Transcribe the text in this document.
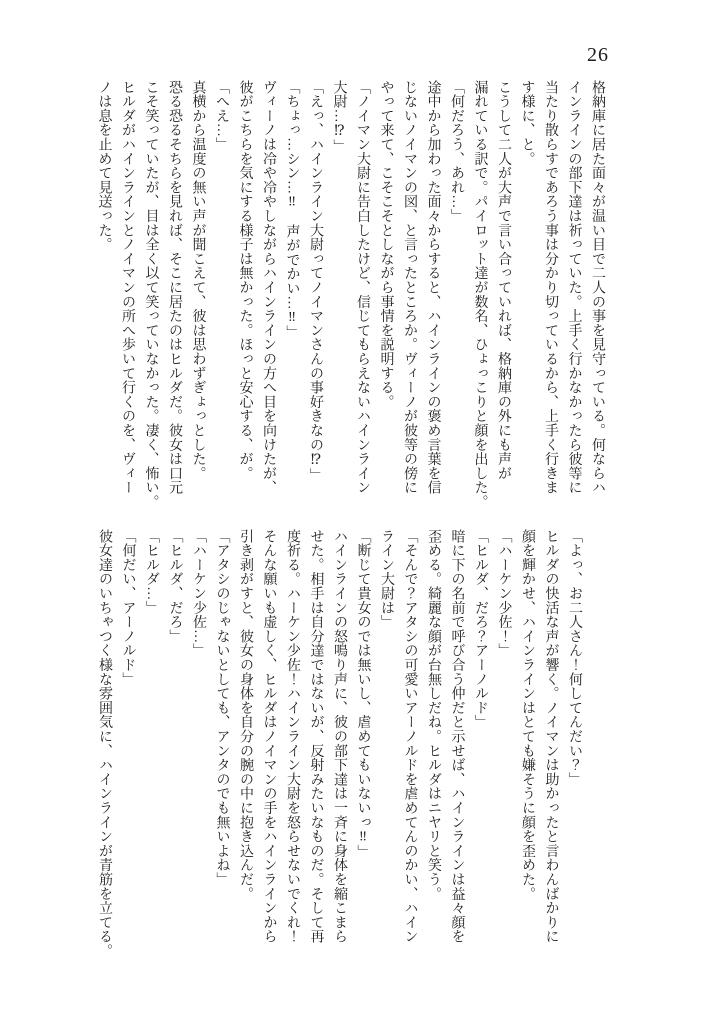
26
格納庫に居た面々が温い目で二人の事を見守っている。何ならハ
インラインの部下達は祈っていた。上手く行かなかったら彼等に
当たり散らすであろう事は分かり切っているから、上手く行きま
す様に、と。
こうして二人が大声で言い合っていれば、格納庫の外にも声が
漏れている訳で。パイロット達が数名、ひょっこりと顔を出した。
「何だろう、あれ…」
途中から加わった面々からすると、ハインラインの褒め言葉を信
じないノイマンの図、と言ったところか。ヴィーノが彼等の傍に
やって来て、こそこそとしながら事情を説明する。
「ノイマン大尉に告白したけど、信じてもらえないハインライン
大尉…⁉」
「えっ、ハインライン大尉ってノイマンさんの事好きなの⁉」
「ちょっ…シン…‼　声がでかい…‼」
ヴィーノは冷や冷やしながらハインラインの方へ目を向けたが、
彼がこちらを気にする様子は無かった。ほっと安心する、が。
「へえ…」
真横から温度の無い声が聞こえて、彼は思わずぎょっとした。
恐る恐るそちらを見れば、そこに居たのはヒルダだ。彼女は口元
こそ笑っていたが、目は全く以て笑っていなかった。凄く、怖い。
ヒルダがハインラインとノイマンの所へ歩いて行くのを、ヴィー
ノは息を止めて見送った。
「よっ、お二人さん！何してんだい？」
ヒルダの快活な声が響く。ノイマンは助かったと言わんばかりに
顔を輝かせ、ハインラインはとても嫌そうに顔を歪めた。
「ハーケン少佐！」
「ヒルダ、だろ？アーノルド」
暗に下の名前で呼び合う仲だと示せば、ハインラインは益々顔を
歪める。綺麗な顔が台無しだね。ヒルダはニヤリと笑う。
「そんで？アタシの可愛いアーノルドを虐めてんのかい、ハイン
ライン大尉は」
「断じて貴女のでは無いし、虐めてもいないっ‼」
ハインラインの怒鳴り声に、彼の部下達は一斉に身体を縮こまら
せた。相手は自分達ではないが、反射みたいなものだ。そして再
度祈る。ハーケン少佐！ハインライン大尉を怒らせないでくれ！
そんな願いも虚しく、ヒルダはノイマンの手をハインラインから
引き剥がすと、彼女の身体を自分の腕の中に抱き込んだ。
「アタシのじゃないとしても、アンタのでも無いよね」
「ハーケン少佐…」
「ヒルダ、だろ」
「ヒルダ…」
「何だい、アーノルド」
彼女達のいちゃつく様な雰囲気に、ハインラインが青筋を立てる。
